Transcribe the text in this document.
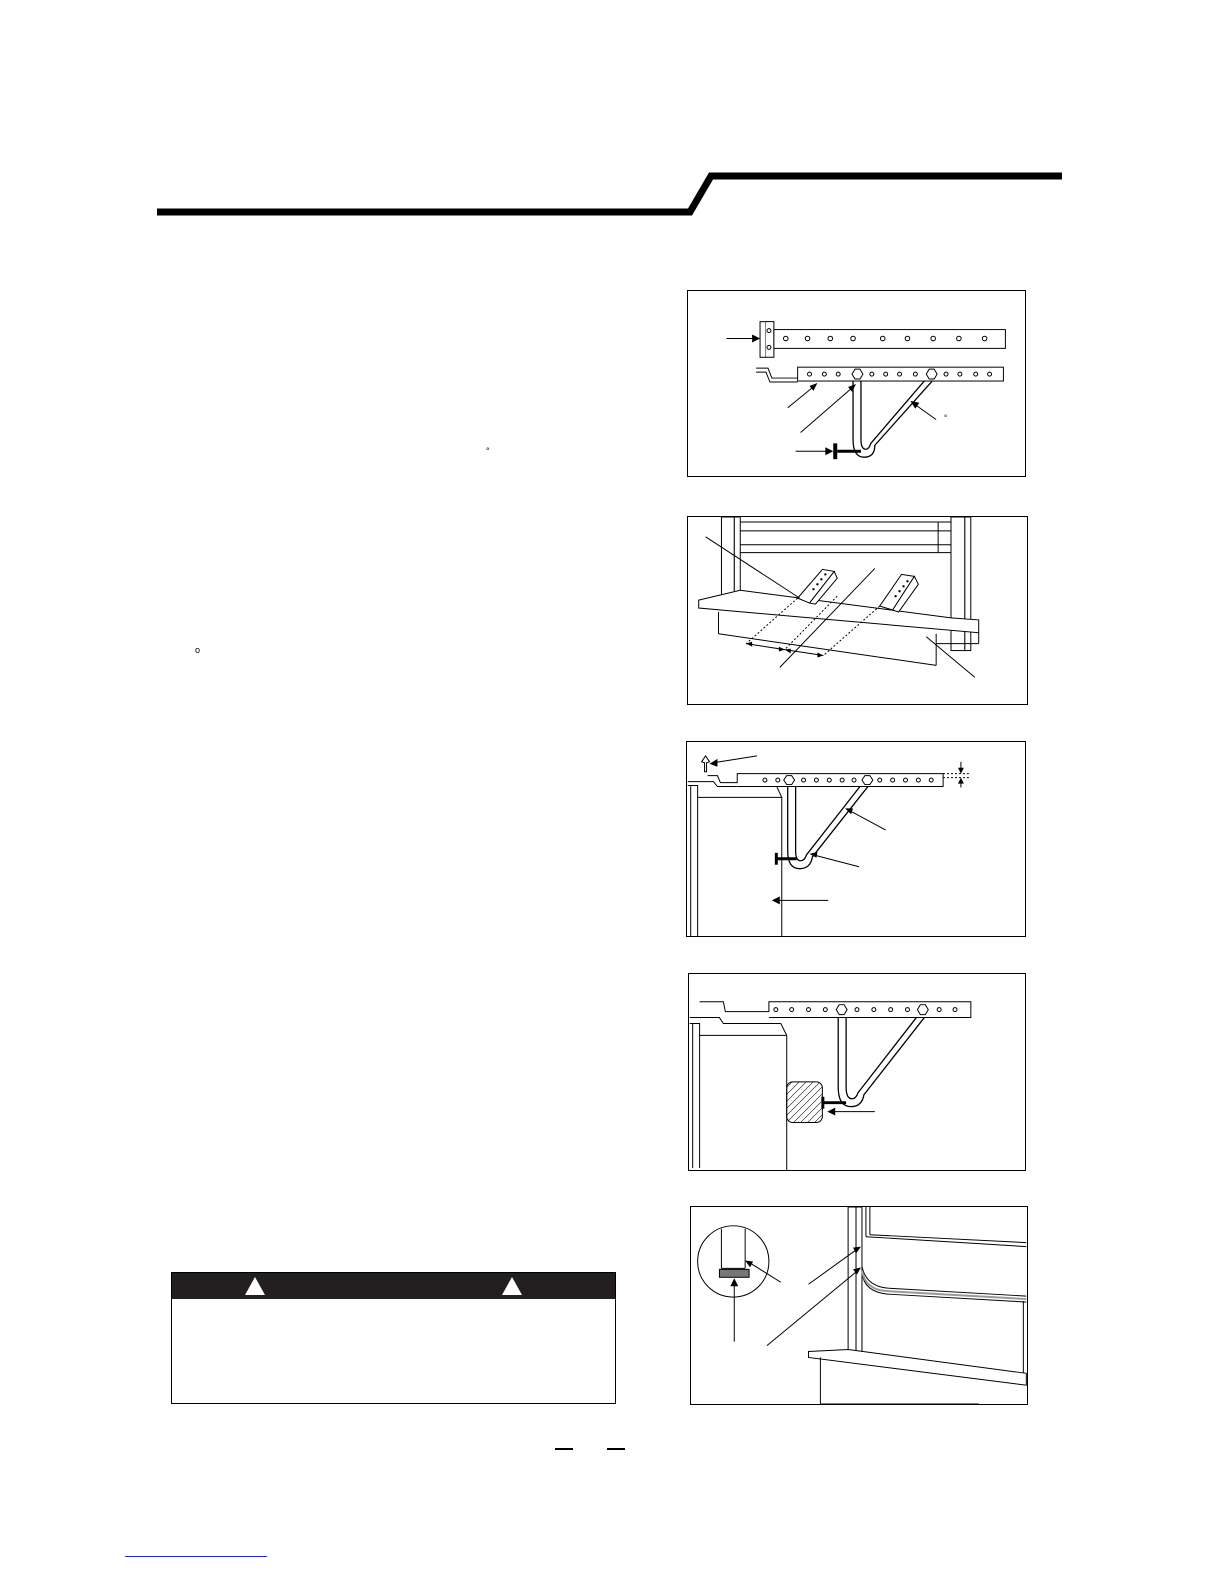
°
o
°
